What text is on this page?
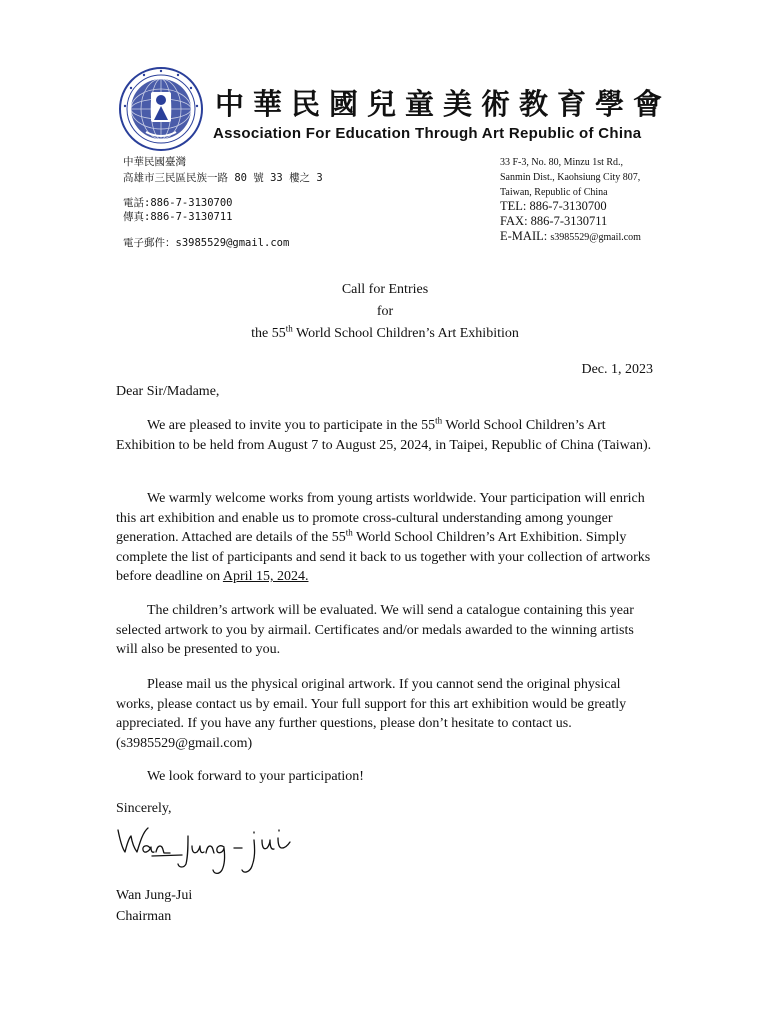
中華民國兒童美術教育學會
Association For Education Through Art Republic of China
中華民國臺灣
高雄市三民區民族一路 80 號 33 樓之 3
電話:886-7-3130700
傳真:886-7-3130711
電子郵件：s3985529@gmail.com
33 F-3, No. 80, Minzu 1st Rd.,
Sanmin Dist., Kaohsiung City 807,
Taiwan, Republic of China
TEL: 886-7-3130700
FAX: 886-7-3130711
E-MAIL: s3985529@gmail.com
Call for Entries
for
the 55th World School Children’s Art Exhibition
Dec. 1, 2023
Dear Sir/Madame,

We are pleased to invite you to participate in the 55th World School Children’s Art Exhibition to be held from August 7 to August 25, 2024, in Taipei, Republic of China (Taiwan).

We warmly welcome works from young artists worldwide. Your participation will enrich this art exhibition and enable us to promote cross-cultural understanding among younger generation. Attached are details of the 55th World School Children’s Art Exhibition. Simply complete the list of participants and send it back to us together with your collection of artworks before deadline on April 15, 2024.

The children’s artwork will be evaluated. We will send a catalogue containing this year selected artwork to you by airmail. Certificates and/or medals awarded to the winning artists will also be presented to you.

Please mail us the physical original artwork. If you cannot send the original physical works, please contact us by email. Your full support for this art exhibition would be greatly appreciated. If you have any further questions, please don’t hesitate to contact us. (s3985529@gmail.com)

We look forward to your participation!

Sincerely,
Wan Jung-Jui
Chairman
